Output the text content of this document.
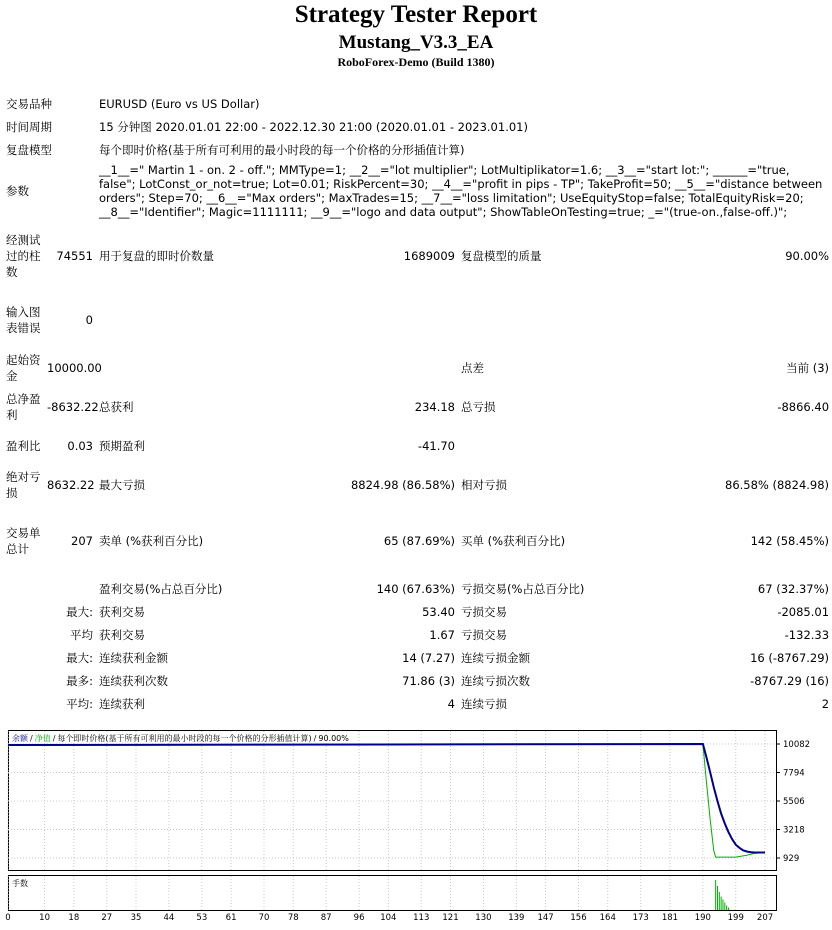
Strategy Tester Report
Mustang_V3.3_EA
RoboForex-Demo (Build 1380)
交易品种		EURUSD (Euro vs US Dollar)			
时间周期		15 分钟图 2020.01.01 22:00 - 2022.12.30 21:00 (2020.01.01 - 2023.01.01)			
复盘模型		每个即时价格(基于所有可利用的最小时段的每一个价格的分形插值计算)			
参数		__1__=" Martin 1 - on. 2 - off."; MMType=1; __2__="lot multiplier"; LotMultiplikator=1.6; __3__="start lot:"; ______="true, false"; LotConst_or_not=true; Lot=0.01; RiskPercent=30; __4__="profit in pips - TP"; TakeProfit=50; __5__="distance between orders"; Step=70; __6__="Max orders"; MaxTrades=15; __7__="loss limitation"; UseEquityStop=false; TotalEquityRisk=20; __8__="Identifier"; Magic=1111111; __9__="logo and data output"; ShowTableOnTesting=true; _="(true-on.,false-off.)";			
经测试过的柱数	74551	用于复盘的即时价数量	1689009	复盘模型的质量	90.00%
输入图表错误	0				
起始资金	10000.00			点差	当前 (3)
总净盈利	-8632.22	总获利	234.18	总亏损	-8866.40
盈利比	0.03	预期盈利	-41.70		
绝对亏损	8632.22	最大亏损	8824.98 (86.58%)	相对亏损	86.58% (8824.98)
交易单总计	207	卖单 (%获利百分比)	65 (87.69%)	买单 (%获利百分比)	142 (58.45%)
		盈利交易(%占总百分比)	140 (67.63%)	亏损交易(%占总百分比)	67 (32.37%)
	最大:	获利交易	53.40	亏损交易	-2085.01
	平均	获利交易	1.67	亏损交易	-132.33
	最大:	连续获利金额	14 (7.27)	连续亏损金额	16 (-8767.29)
	最多:	连续获利次数	71.86 (3)	连续亏损次数	-8767.29 (16)
	平均:	连续获利	4	连续亏损	2
10082
7794
5506
3218
929
余额 / 净值 / 每个即时价格(基于所有可利用的最小时段的每一个价格的分形插值计算) / 90.00%
手数
0	10 18	27 35	44	53 61	70 78	87	96 104 113 121 130 139 147 156 164 173 181 190 199 207
